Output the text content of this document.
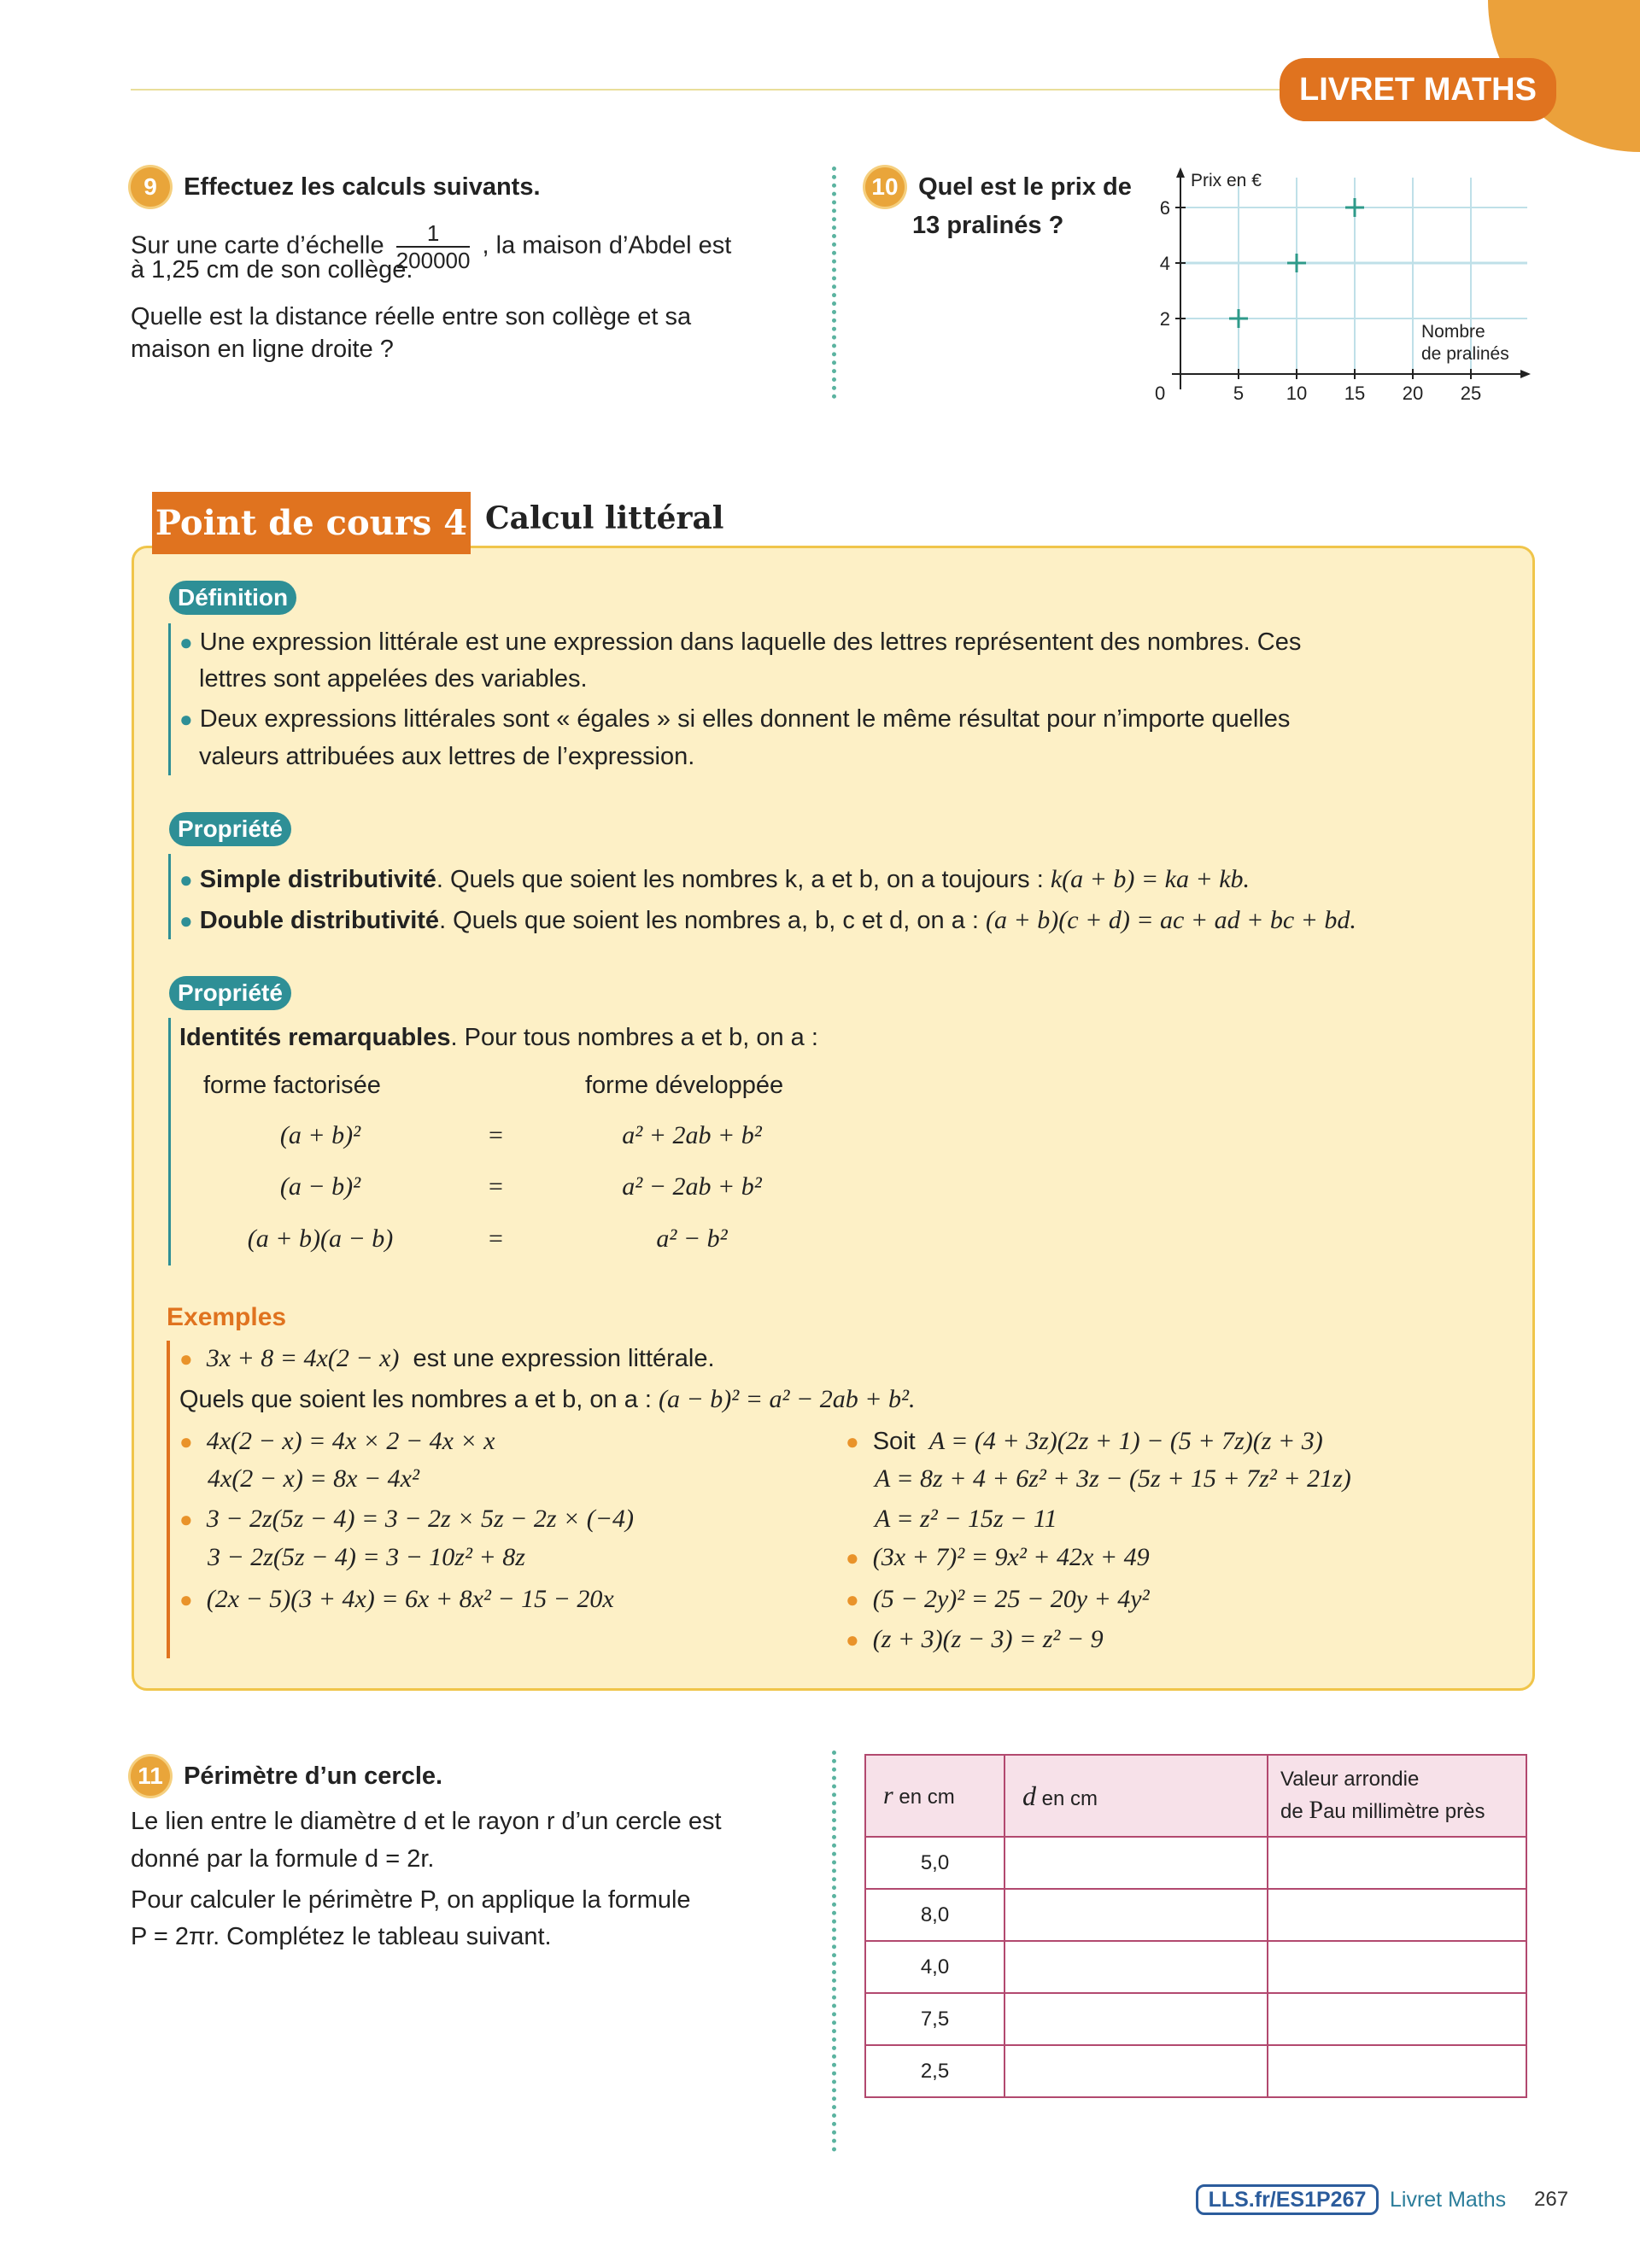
LIVRET MATHS
9 Effectuez les calculs suivants.
Sur une carte d’échelle $\frac{1}{200000}$ , la maison d’Abdel est
à 1,25 cm de son collège.
Quelle est la distance réelle entre son collège et sa
maison en ligne droite ?
10 Quel est le prix de
13 pralinés ?
5 10 15 20 25
2
4
6
0
Prix en €
Nombre
de pralinés
Point de cours 4 Calcul littéral
Définition
● Une expression littérale est une expression dans laquelle des lettres représentent des nombres. Ces
lettres sont appelées des variables.
● Deux expressions littérales sont « égales » si elles donnent le même résultat pour n’importe quelles
valeurs attribuées aux lettres de l’expression.
Propriété
● Simple distributivité. Quels que soient les nombres k, a et b, on a toujours : k(a + b) = ka + kb.
● Double distributivité. Quels que soient les nombres a, b, c et d, on a : (a + b)(c + d) = ac + ad + bc + bd.
Propriété
Identités remarquables. Pour tous nombres a et b, on a :
forme factorisée	forme développée
(a + b)²	=	a² + 2ab + b²
(a − b)²	=	a² − 2ab + b²
(a + b)(a − b)	=	a² − b²
Exemples
● 3x + 8 = 4x(2 − x) est une expression littérale.
Quels que soient les nombres a et b, on a : (a − b)² = a² − 2ab + b².
● 4x(2 − x) = 4x × 2 − 4x × x
4x(2 − x) = 8x − 4x²
● 3 − 2z(5z − 4) = 3 − 2z × 5z − 2z × (−4)
3 − 2z(5z − 4) = 3 − 10z² + 8z
● (2x − 5)(3 + 4x) = 6x + 8x² − 15 − 20x
● Soit A = (4 + 3z)(2z + 1) − (5 + 7z)(z + 3)
A = 8z + 4 + 6z² + 3z − (5z + 15 + 7z² + 21z)
A = z² − 15z − 11
● (3x + 7)² = 9x² + 42x + 49
● (5 − 2y)² = 25 − 20y + 4y²
● (z + 3)(z − 3) = z² − 9
11 Périmètre d’un cercle.
Le lien entre le diamètre d et le rayon r d’un cercle est
donné par la formule d = 2r.
Pour calculer le périmètre P, on applique la formule
P = 2πr. Complétez le tableau suivant.
r en cm	d en cm	Valeur arrondie
de Pau millimètre près
5,0		
8,0		
4,0		
7,5		
2,5		
LLS.fr/ES1P267	Livret Maths 267
